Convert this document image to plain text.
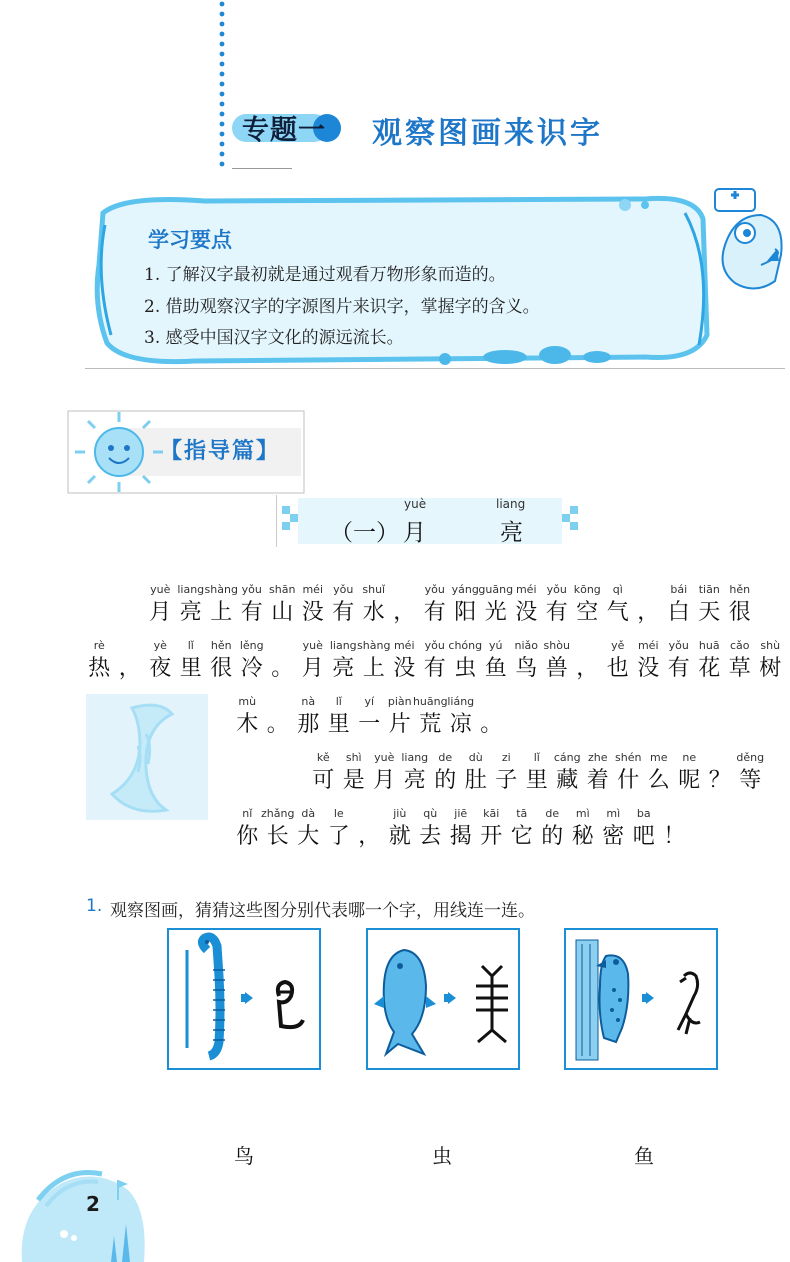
专题一 观察图画来识字
学习要点
1. 了解汉字最初就是通过观看万物形象而造的。
2. 借助观察汉字的字源图片来识字，掌握字的含义。
3. 感受中国汉字文化的源远流长。
【指导篇】
（一）
yuè
月
liang
亮
yuè
月
liang
亮
shàng
上
yǒu
有
shān
山
méi
没
yǒu
有
shuǐ
水 ，
yǒu
有
yáng
阳
guāng
光
méi
没
yǒu
有
kōng
空
qì
气 ，
bái
白
tiān
天
hěn
很
rè
热 ，
yè
夜
lǐ
里
hěn
很
lěng
冷 。
yuè
月
liang
亮
shàng
上
méi
没
yǒu
有
chóng
虫
yú
鱼
niǎo
鸟
shòu
兽 ，
yě
也
méi
没
yǒu
有
huā
花
cǎo
草
shù
树
mù
木 。
nà
那
lǐ
里
yí
一
piàn
片
huāng
荒
liáng
凉 。
kě
可
shì
是
yuè
月
liang
亮
de
的
dù
肚
zi
子
lǐ
里
cáng
藏
zhe
着
shén
什
me
么
ne
呢 ？
děng
等
nǐ
你
zhǎng
长
dà
大
le
了 ，
jiù
就
qù
去
jiē
揭
kāi
开
tā
它
de
的
mì
秘
mì
密
ba
吧 ！
1. 观察图画，猜猜这些图分别代表哪一个字，用线连一连。
鸟	虫	鱼
2
